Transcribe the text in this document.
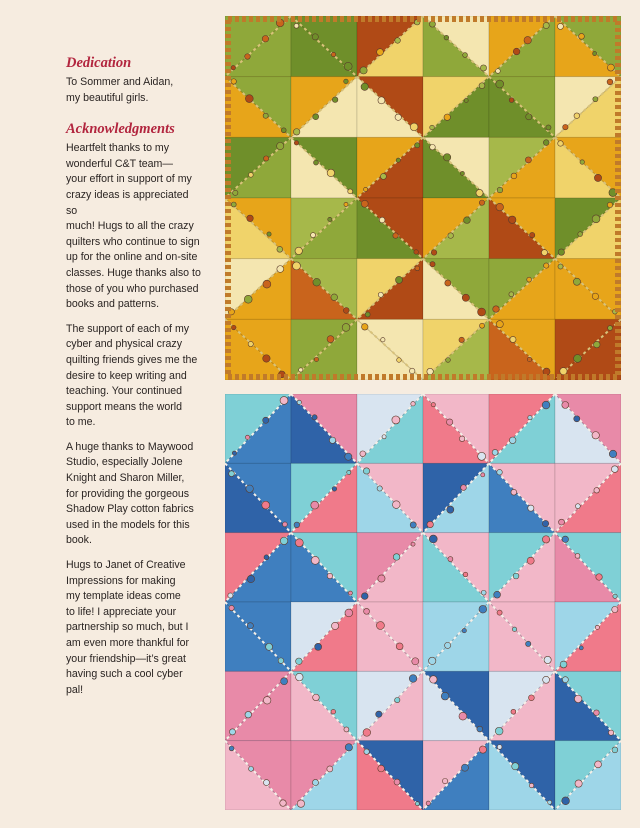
Dedication

To Sommer and Aidan,
my beautiful girls.

Acknowledgments

Heartfelt thanks to my
wonderful C&T team—
your effort in support of my
crazy ideas is appreciated so
much! Hugs to all the crazy
quilters who continue to sign
up for the online and on-site
classes. Huge thanks also to
those of you who purchased
books and patterns.

The support of each of my
cyber and physical crazy
quilting friends gives me the
desire to keep writing and
teaching. Your continued
support means the world
to me.

A huge thanks to Maywood
Studio, especially Jolene
Knight and Sharon Miller,
for providing the gorgeous
Shadow Play cotton fabrics
used in the models for this
book.

Hugs to Janet of Creative
Impressions for making
my template ideas come
to life! I appreciate your
partnership so much, but I
am even more thankful for
your friendship—it’s great
having such a cool cyber pal!
